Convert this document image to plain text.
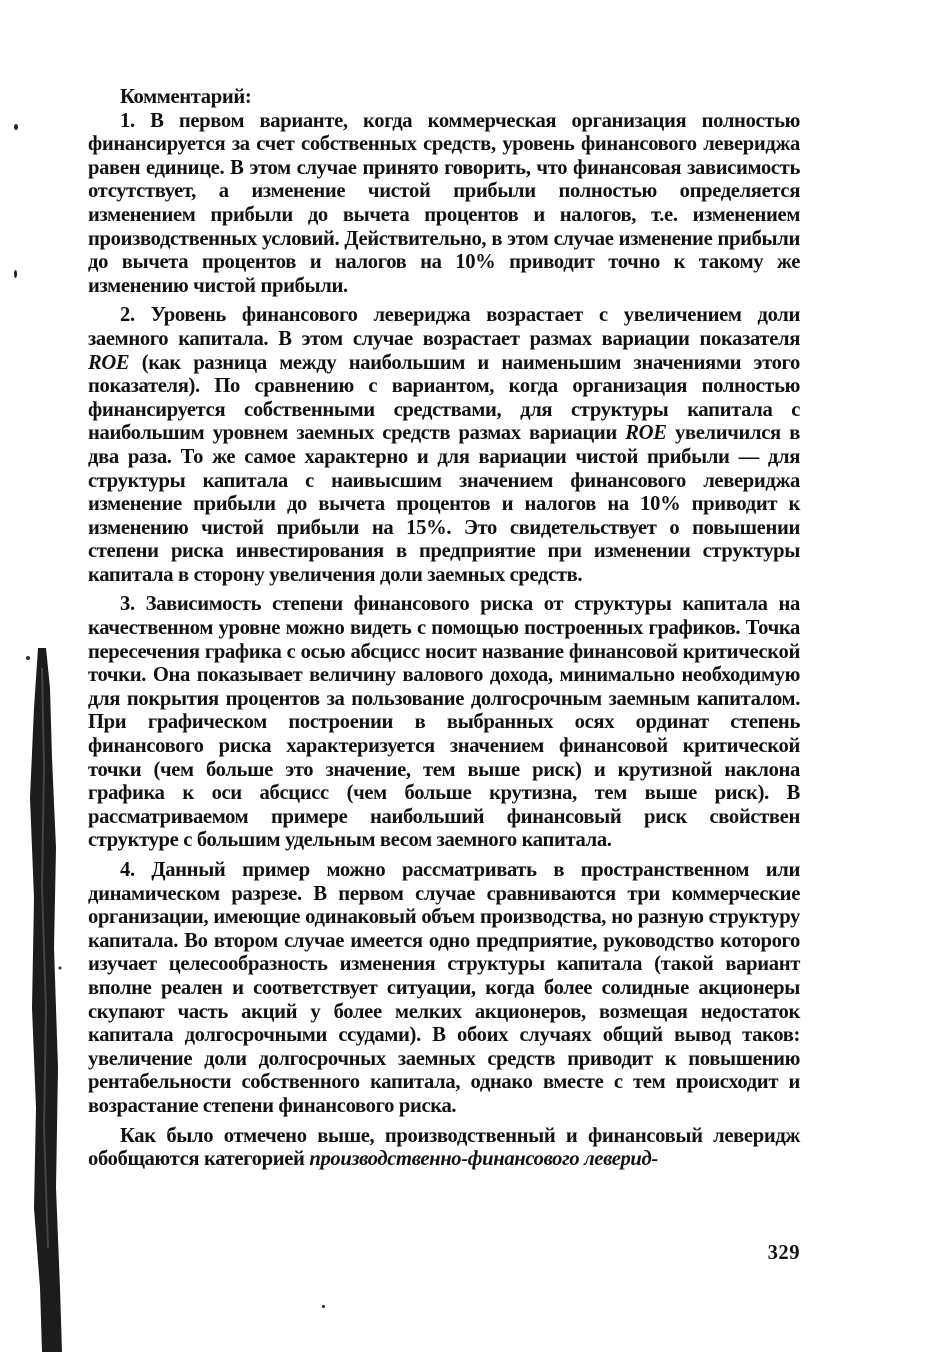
Комментарий:

1. В первом варианте, когда коммерческая организация полностью финансируется за счет собственных средств, уровень финансового левериджа равен единице. В этом случае принято говорить, что финансовая зависимость отсутствует, а изменение чистой прибыли полностью определяется изменением прибыли до вычета процентов и налогов, т.е. изменением производственных условий. Действительно, в этом случае изменение прибыли до вычета процентов и налогов на 10% приводит точно к такому же изменению чистой прибыли.

2. Уровень финансового левериджа возрастает с увеличением доли заемного капитала. В этом случае возрастает размах вариации показателя ROE (как разница между наибольшим и наименьшим значениями этого показателя). По сравнению с вариантом, когда организация полностью финансируется собственными средствами, для структуры капитала с наибольшим уровнем заемных средств размах вариации ROE увеличился в два раза. То же самое характерно и для вариации чистой прибыли — для структуры капитала с наивысшим значением финансового левериджа изменение прибыли до вычета процентов и налогов на 10% приводит к изменению чистой прибыли на 15%. Это свидетельствует о повышении степени риска инвестирования в предприятие при изменении структуры капитала в сторону увеличения доли заемных средств.

3. Зависимость степени финансового риска от структуры капитала на качественном уровне можно видеть с помощью построенных графиков. Точка пересечения графика с осью абсцисс носит название финансовой критической точки. Она показывает величину валового дохода, минимально необходимую для покрытия процентов за пользование долгосрочным заемным капиталом. При графическом построении в выбранных осях ординат степень финансового риска характеризуется значением финансовой критической точки (чем больше это значение, тем выше риск) и крутизной наклона графика к оси абсцисс (чем больше крутизна, тем выше риск). В рассматриваемом примере наибольший финансовый риск свойствен структуре с большим удельным весом заемного капитала.

4. Данный пример можно рассматривать в пространственном или динамическом разрезе. В первом случае сравниваются три коммерческие организации, имеющие одинаковый объем производства, но разную структуру капитала. Во втором случае имеется одно предприятие, руководство которого изучает целесообразность изменения структуры капитала (такой вариант вполне реален и соответствует ситуации, когда более солидные акционеры скупают часть акций у более мелких акционеров, возмещая недостаток капитала долгосрочными ссудами). В обоих случаях общий вывод таков: увеличение доли долгосрочных заемных средств приводит к повышению рентабельности собственного капитала, однако вместе с тем происходит и возрастание степени финансового риска.

Как было отмечено выше, производственный и финансовый леверидж обобщаются категорией производственно-финансового леверид-

329
